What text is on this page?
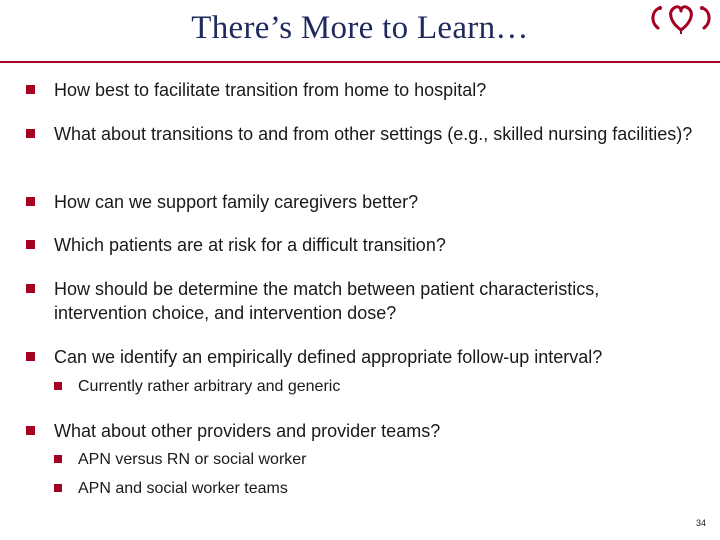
There’s More to Learn…
How best to facilitate transition from home to hospital?
What about transitions to and from other settings (e.g., skilled nursing facilities)?
How can we support family caregivers better?
Which patients are at risk for a difficult transition?
How should be determine the match between patient characteristics, intervention choice, and intervention dose?
Can we identify an empirically defined appropriate follow-up interval?
Currently rather arbitrary and generic
What about other providers and provider teams?
APN versus RN or social worker
APN and social worker teams
34
